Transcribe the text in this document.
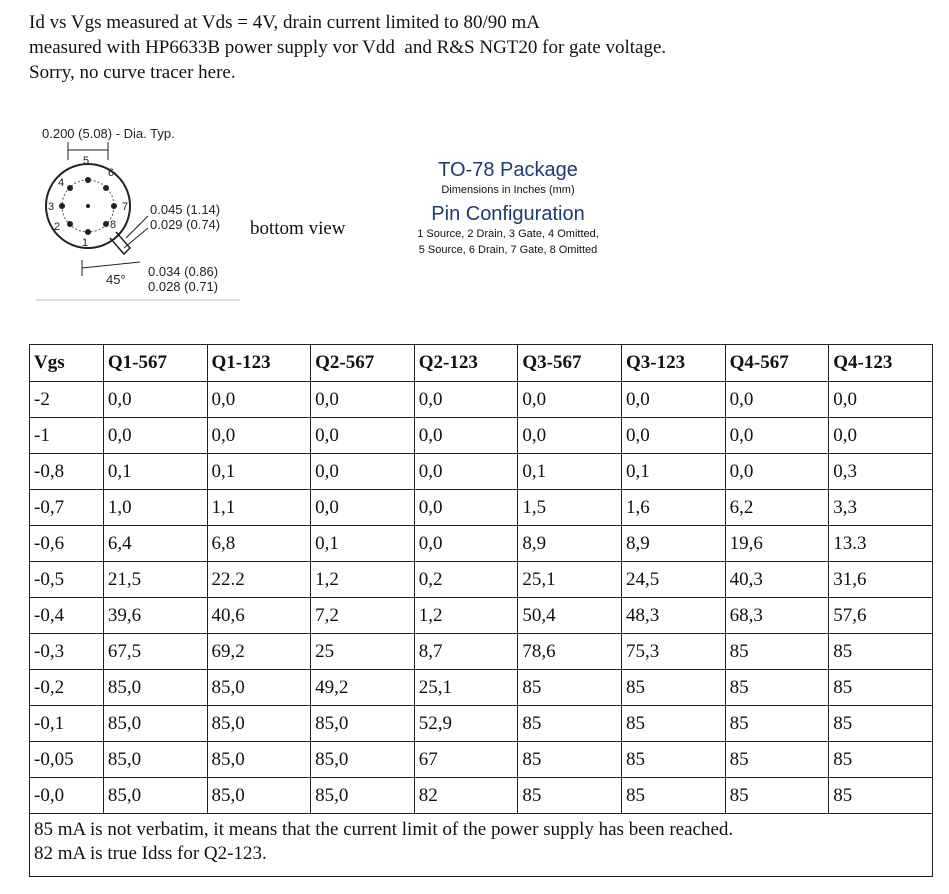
Id vs Vgs measured at Vds = 4V, drain current limited to 80/90 mA

measured with HP6633B power supply vor Vdd  and R&S NGT20 for gate voltage.

Sorry, no curve tracer here.

0.200 (5.08) - Dia. Typ.
5
6
7
8
1
2
3
4
0.045 (1.14)
0.029 (0.74)
45°
0.034 (0.86)
0.028 (0.71)
bottom view
TO-78 Package
Dimensions in Inches (mm)
Pin Configuration
1 Source, 2 Drain, 3 Gate, 4 Omitted,
5 Source, 6 Drain, 7 Gate, 8 Omitted
Vgs	Q1-567	Q1-123	Q2-567	Q2-123	Q3-567	Q3-123	Q4-567	Q4-123
-2	0,0	0,0	0,0	0,0	0,0	0,0	0,0	0,0
-1	0,0	0,0	0,0	0,0	0,0	0,0	0,0	0,0
-0,8	0,1	0,1	0,0	0,0	0,1	0,1	0,0	0,3
-0,7	1,0	1,1	0,0	0,0	1,5	1,6	6,2	3,3
-0,6	6,4	6,8	0,1	0,0	8,9	8,9	19,6	13.3
-0,5	21,5	22.2	1,2	0,2	25,1	24,5	40,3	31,6
-0,4	39,6	40,6	7,2	1,2	50,4	48,3	68,3	57,6
-0,3	67,5	69,2	25	8,7	78,6	75,3	85	85
-0,2	85,0	85,0	49,2	25,1	85	85	85	85
-0,1	85,0	85,0	85,0	52,9	85	85	85	85
-0,05	85,0	85,0	85,0	67	85	85	85	85
-0,0	85,0	85,0	85,0	82	85	85	85	85

85 mA is not verbatim, it means that the current limit of the power supply has been reached.
82 mA is true Idss for Q2-123.								
